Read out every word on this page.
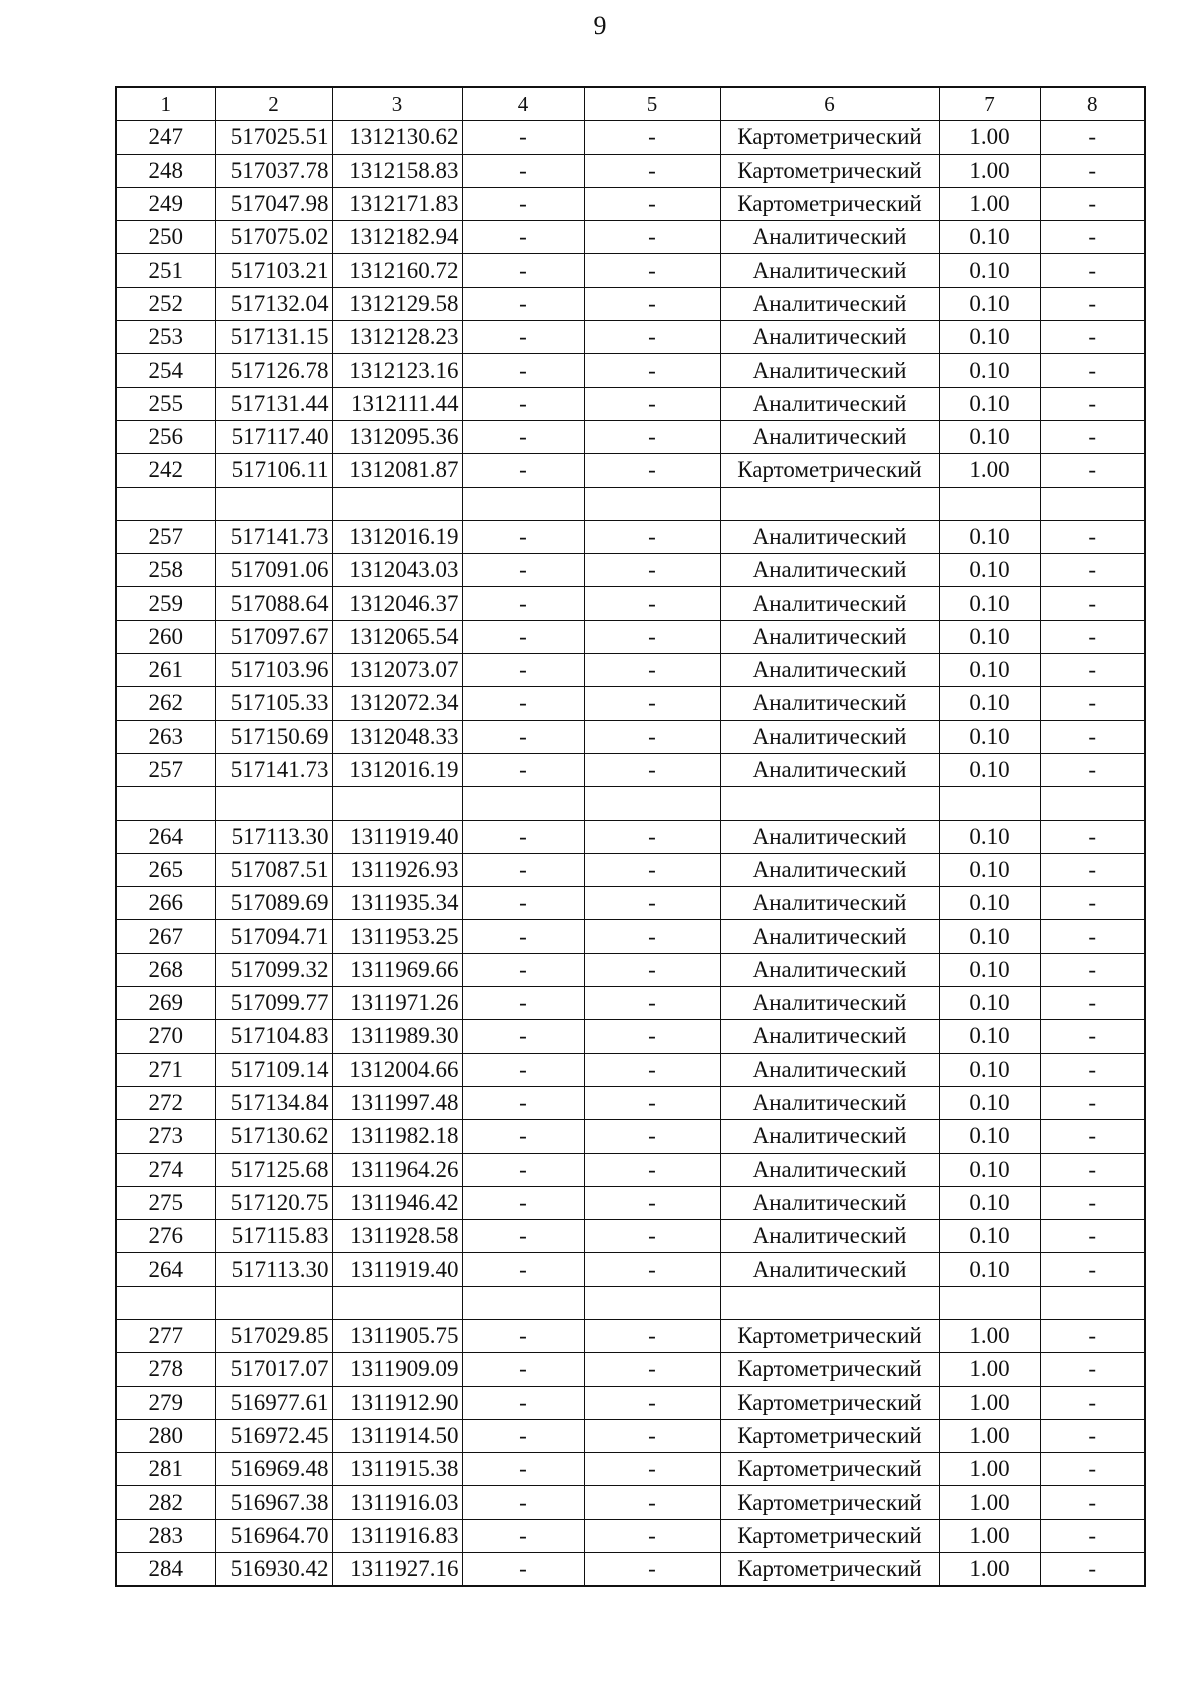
9
1	2	3	4	5	6	7	8
247	517025.51	1312130.62	-	-	Картометрический	1.00	-
248	517037.78	1312158.83	-	-	Картометрический	1.00	-
249	517047.98	1312171.83	-	-	Картометрический	1.00	-
250	517075.02	1312182.94	-	-	Аналитический	0.10	-
251	517103.21	1312160.72	-	-	Аналитический	0.10	-
252	517132.04	1312129.58	-	-	Аналитический	0.10	-
253	517131.15	1312128.23	-	-	Аналитический	0.10	-
254	517126.78	1312123.16	-	-	Аналитический	0.10	-
255	517131.44	1312111.44	-	-	Аналитический	0.10	-
256	517117.40	1312095.36	-	-	Аналитический	0.10	-
242	517106.11	1312081.87	-	-	Картометрический	1.00	-

257	517141.73	1312016.19	-	-	Аналитический	0.10	-
258	517091.06	1312043.03	-	-	Аналитический	0.10	-
259	517088.64	1312046.37	-	-	Аналитический	0.10	-
260	517097.67	1312065.54	-	-	Аналитический	0.10	-
261	517103.96	1312073.07	-	-	Аналитический	0.10	-
262	517105.33	1312072.34	-	-	Аналитический	0.10	-
263	517150.69	1312048.33	-	-	Аналитический	0.10	-
257	517141.73	1312016.19	-	-	Аналитический	0.10	-

264	517113.30	1311919.40	-	-	Аналитический	0.10	-
265	517087.51	1311926.93	-	-	Аналитический	0.10	-
266	517089.69	1311935.34	-	-	Аналитический	0.10	-
267	517094.71	1311953.25	-	-	Аналитический	0.10	-
268	517099.32	1311969.66	-	-	Аналитический	0.10	-
269	517099.77	1311971.26	-	-	Аналитический	0.10	-
270	517104.83	1311989.30	-	-	Аналитический	0.10	-
271	517109.14	1312004.66	-	-	Аналитический	0.10	-
272	517134.84	1311997.48	-	-	Аналитический	0.10	-
273	517130.62	1311982.18	-	-	Аналитический	0.10	-
274	517125.68	1311964.26	-	-	Аналитический	0.10	-
275	517120.75	1311946.42	-	-	Аналитический	0.10	-
276	517115.83	1311928.58	-	-	Аналитический	0.10	-
264	517113.30	1311919.40	-	-	Аналитический	0.10	-

277	517029.85	1311905.75	-	-	Картометрический	1.00	-
278	517017.07	1311909.09	-	-	Картометрический	1.00	-
279	516977.61	1311912.90	-	-	Картометрический	1.00	-
280	516972.45	1311914.50	-	-	Картометрический	1.00	-
281	516969.48	1311915.38	-	-	Картометрический	1.00	-
282	516967.38	1311916.03	-	-	Картометрический	1.00	-
283	516964.70	1311916.83	-	-	Картометрический	1.00	-
284	516930.42	1311927.16	-	-	Картометрический	1.00	-
